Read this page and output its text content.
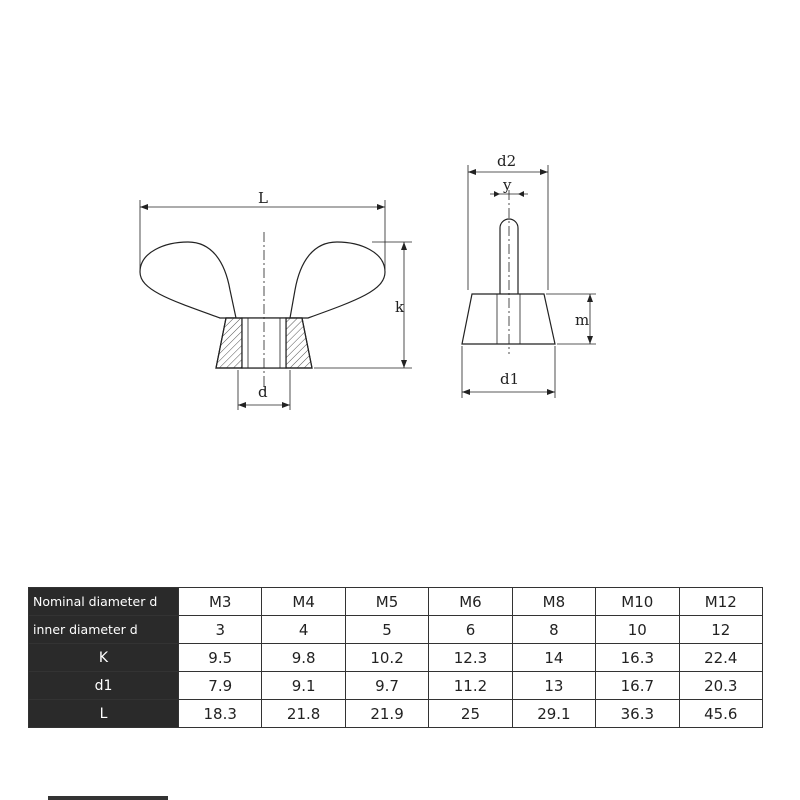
L
k
d
d2
y
m
d1
Nominal diameter d	M3	M4	M5	M6	M8	M10	M12
inner diameter d	3	4	5	6	8	10	12
K	9.5	9.8	10.2	12.3	14	16.3	22.4
d1	7.9	9.1	9.7	11.2	13	16.7	20.3
L	18.3	21.8	21.9	25	29.1	36.3	45.6
